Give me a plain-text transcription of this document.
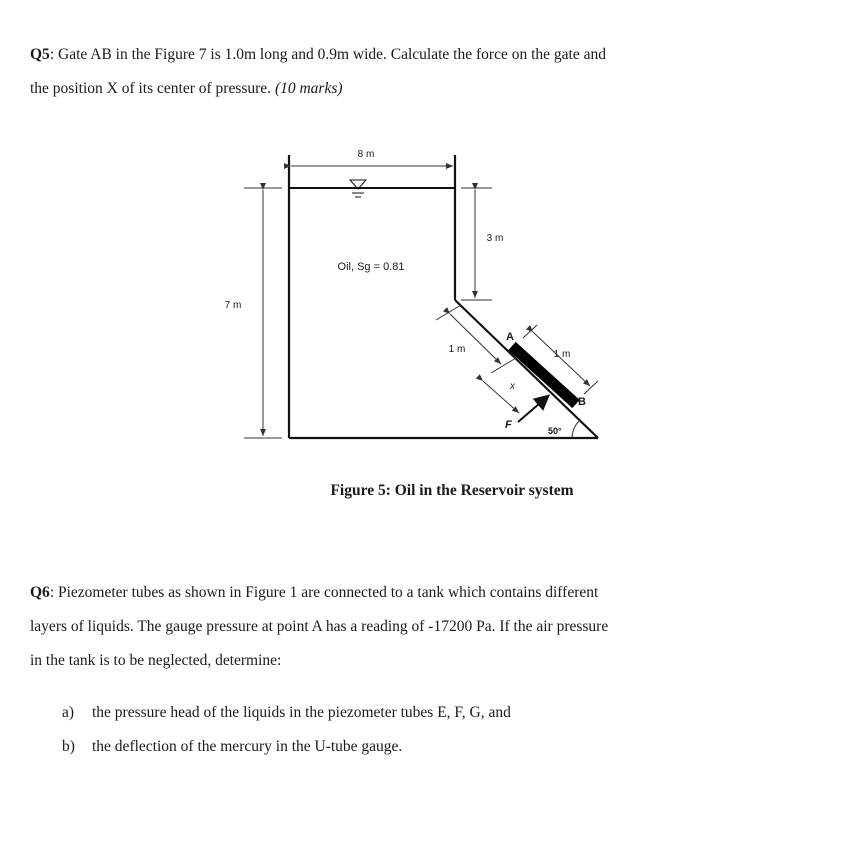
Q5: Gate AB in the Figure 7 is 1.0m long and 0.9m wide. Calculate the force on the gate and
the position X of its center of pressure. (10 marks)
8 m
7 m
3 m
Oil, Sg = 0.81
1 m
A
B
1 m
x
F	50°
Figure 5: Oil in the Reservoir system
Q6: Piezometer tubes as shown in Figure 1 are connected to a tank which contains different
layers of liquids. The gauge pressure at point A has a reading of -17200 Pa. If the air pressure
in the tank is to be neglected, determine:
a) the pressure head of the liquids in the piezometer tubes E, F, G, and
b) the deflection of the mercury in the U-tube gauge.
